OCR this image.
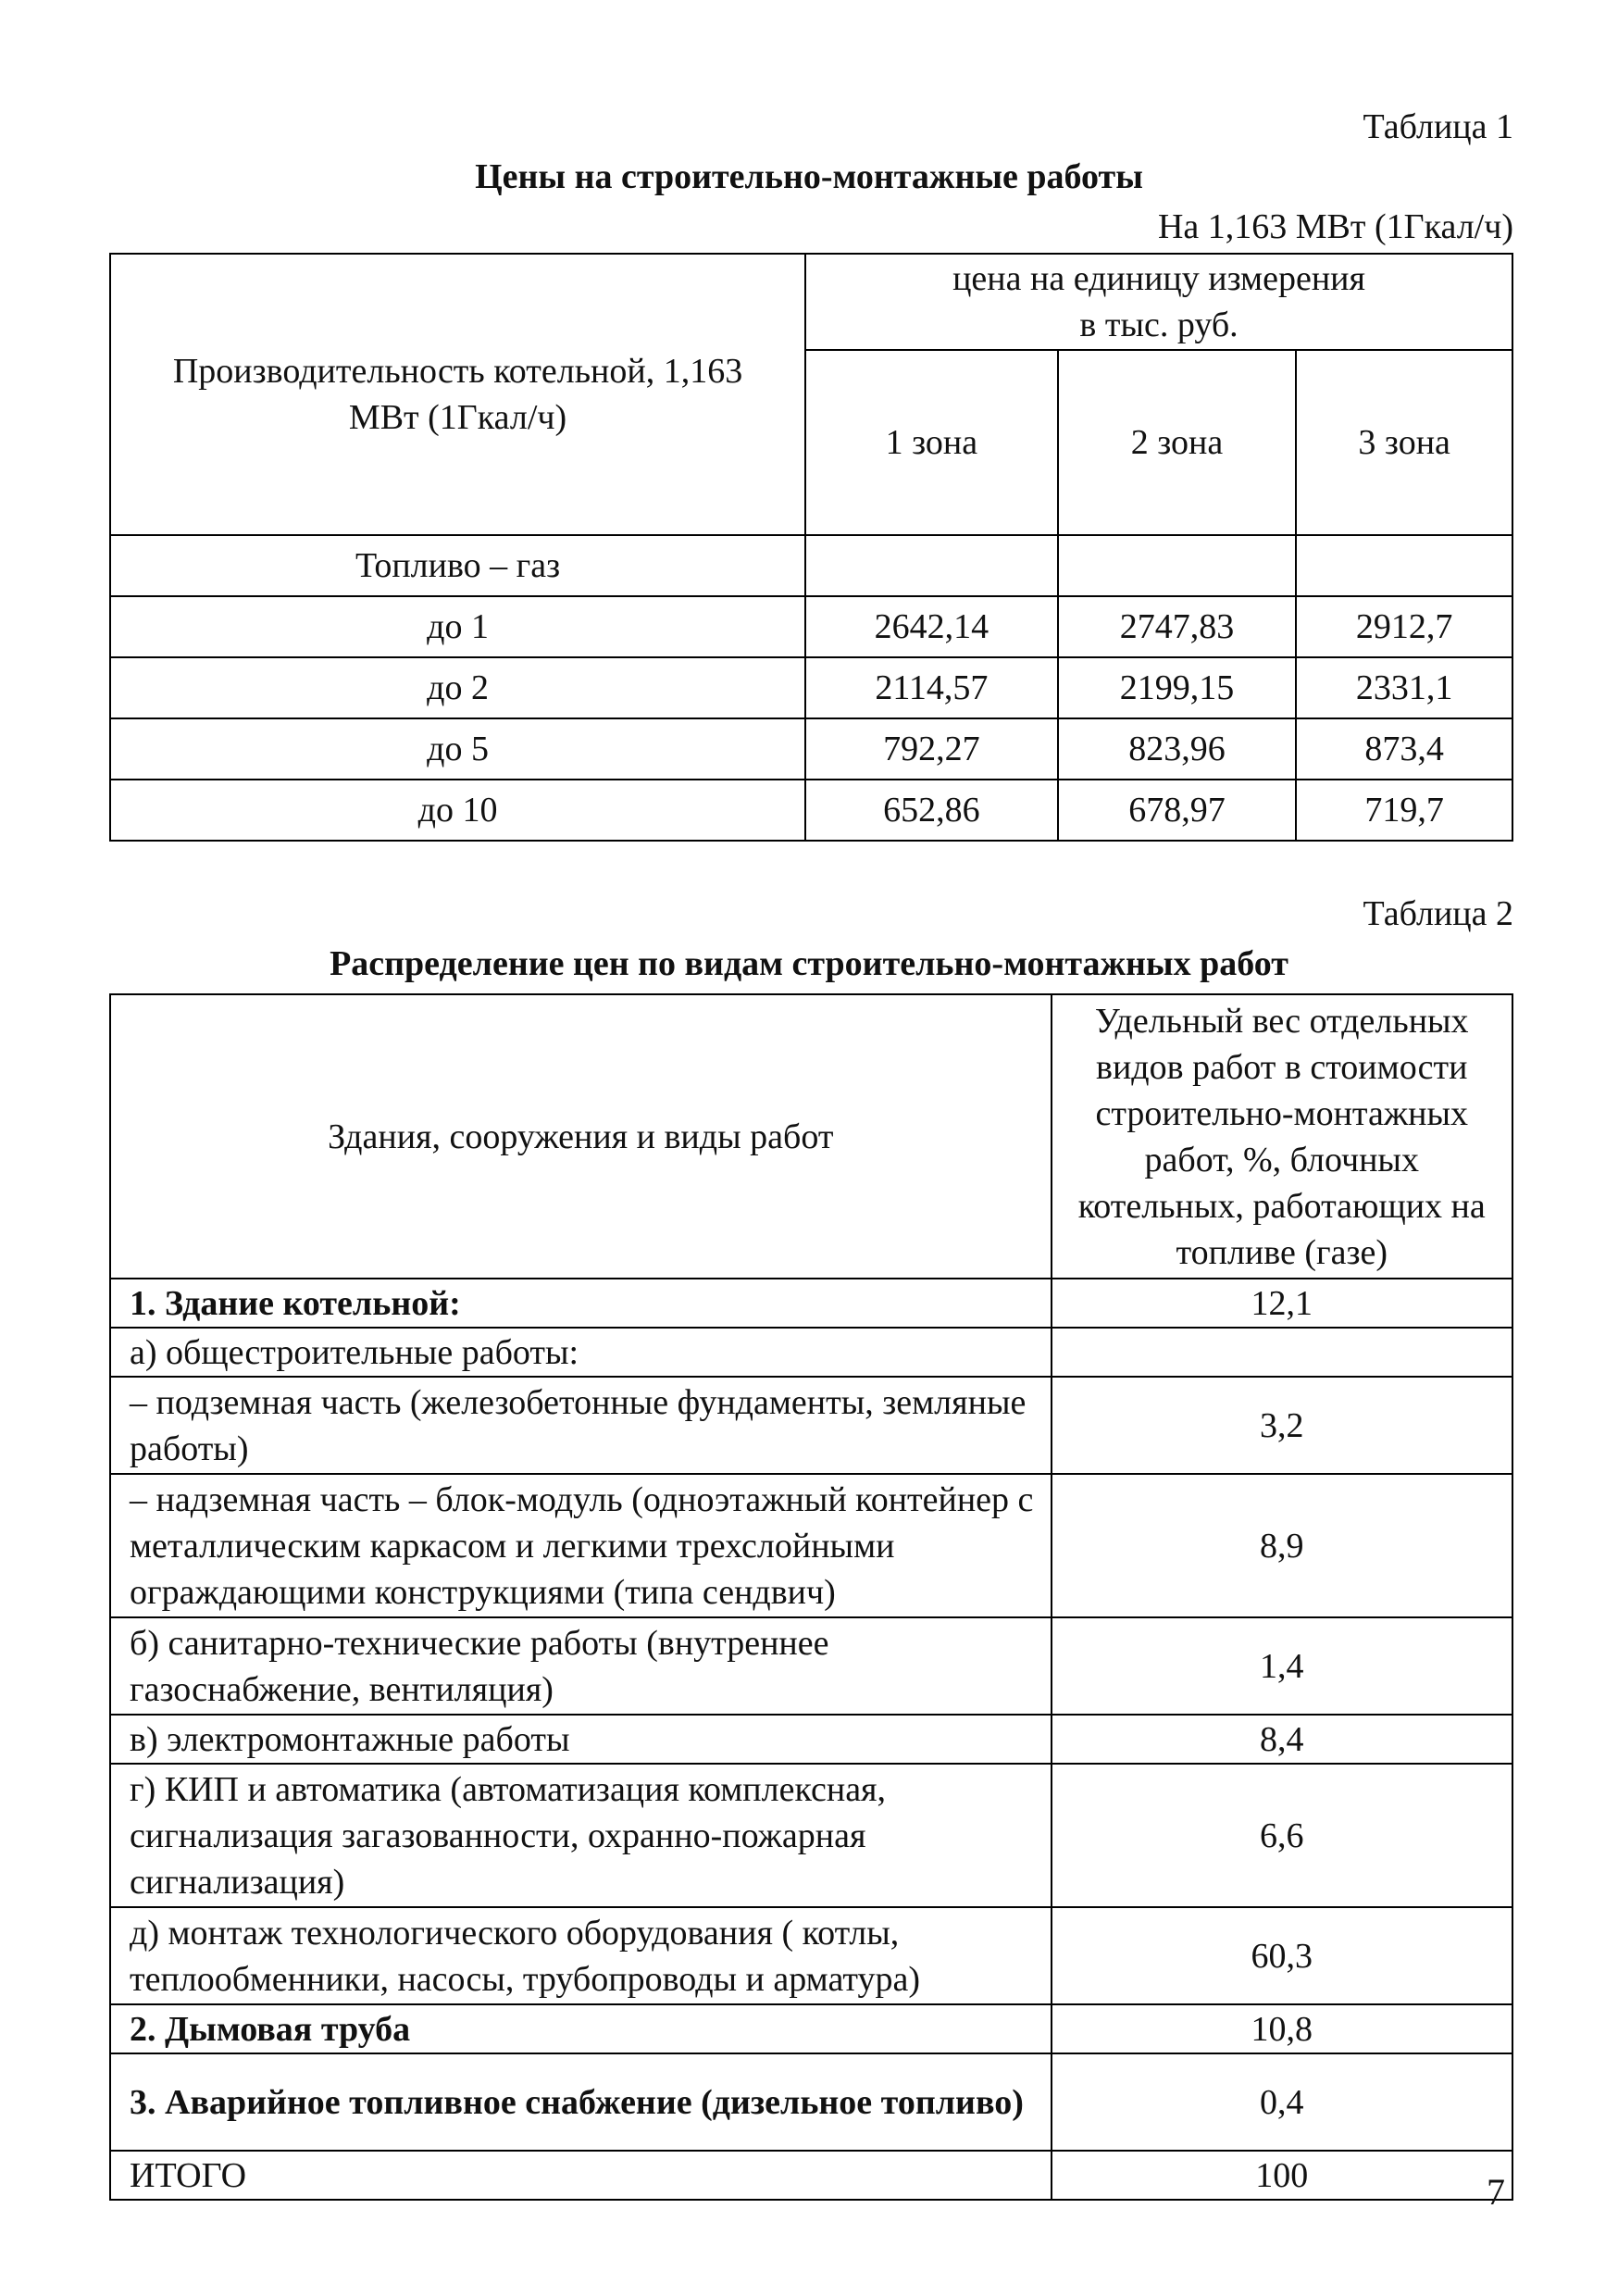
Таблица 1
Цены на строительно-монтажные работы
На 1,163 МВт (1Гкал/ч)
Производительность котельной, 1,163 МВт (1Гкал/ч)	цена на единицу измерения
в тыс. руб.		

	1 зона	2 зона	3 зона
Топливо – газ			
до 1	2642,14	2747,83	2912,7
до 2	2114,57	2199,15	2331,1
до 5	792,27	823,96	873,4
до 10	652,86	678,97	719,7
Таблица 2
Распределение цен по видам строительно-монтажных работ
Здания, сооружения и виды работ	Удельный вес отдельных видов работ в стоимости строительно-монтажных работ, %, блочных котельных, работающих на топливе (газе)
1. Здание котельной:	12,1
а) общестроительные работы:	
– подземная часть (железобетонные фундаменты, земляные работы)	3,2
– надземная часть – блок-модуль (одноэтажный контейнер с металлическим каркасом и легкими трехслойными ограждающими конструкциями (типа сендвич)	8,9
б) санитарно-технические работы (внутреннее газоснабжение, вентиляция)	1,4
в) электромонтажные работы	8,4
г) КИП и автоматика (автоматизация комплексная, сигнализация загазованности, охранно-пожарная сигнализация)	6,6
д) монтаж технологического оборудования ( котлы, теплообменники, насосы, трубопроводы и арматура)	60,3
2. Дымовая труба	10,8
3. Аварийное топливное снабжение (дизельное топливо)	0,4
ИТОГО	100	7
